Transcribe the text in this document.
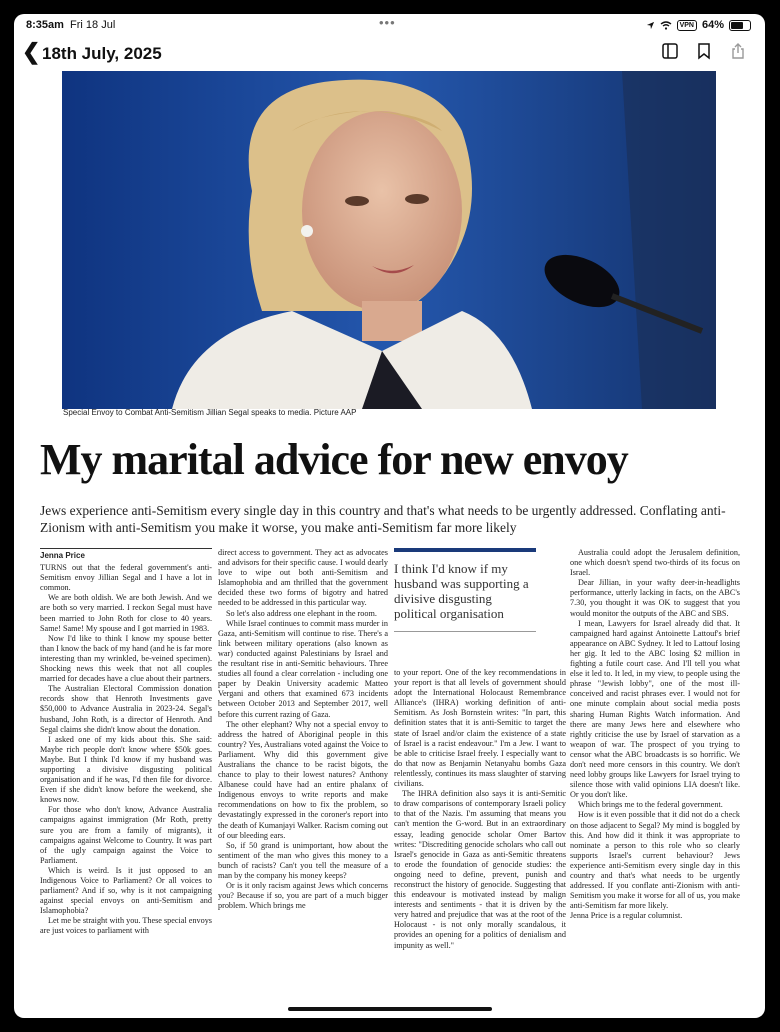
8:35am Fri 18 Jul	•••	VPN 64%
❮ 18th July, 2025
Special Envoy to Combat Anti-Semitism Jillian Segal speaks to media. Picture AAP
My marital advice for new envoy
Jews experience anti-Semitism every single day in this country and that's what needs to be urgently addressed. Conflating anti-Zionism with anti-Semitism you make it worse, you make anti-Semitism far more likely
Jenna Price

TURNS out that the federal government's anti-Semitism envoy Jillian Segal and I have a lot in common.

We are both oldish. We are both Jewish. And we are both so very married. I reckon Segal must have been married to John Roth for close to 40 years. Same! Same! My spouse and I got married in 1983.

Now I'd like to think I know my spouse better than I know the back of my hand (and he is far more interesting than my wrinkled, be-veined specimen). Shocking news this week that not all couples married for decades have a clue about their partners.

The Australian Electoral Commission donation records show that Henroth Investments gave $50,000 to Advance Australia in 2023-24. Segal's husband, John Roth, is a director of Henroth. And Segal claims she didn't know about the donation.

I asked one of my kids about this. She said: Maybe rich people don't know where $50k goes. Maybe. But I think I'd know if my husband was supporting a divisive disgusting political organisation and if he was, I'd then file for divorce. Even if she didn't know before the weekend, she knows now.

For those who don't know, Advance Australia campaigns against immigration (Mr Roth, pretty sure you are from a family of migrants), it campaigns against Welcome to Country. It was part of the ugly campaign against the Voice to Parliament.

Which is weird. Is it just opposed to an Indigenous Voice to Parliament? Or all voices to parliament? And if so, why is it not campaigning against special envoys on anti-Semitism and Islamophobia?

Let me be straight with you. These special envoys are just voices to parliament with

direct access to government. They act as advocates and advisors for their specific cause. I would dearly love to wipe out both anti-Semitism and Islamophobia and am thrilled that the government decided these two forms of bigotry and hatred needed to be addressed in this particular way.

So let's also address one elephant in the room.

While Israel continues to commit mass murder in Gaza, anti-Semitism will continue to rise. There's a link between military operations (also known as war) conducted against Palestinians by Israel and the resultant rise in anti-Semitic behaviours. Three studies all found a clear correlation - including one paper by Deakin University academic Matteo Vergani and others that examined 673 incidents between October 2013 and September 2017, well before this current razing of Gaza.

The other elephant? Why not a special envoy to address the hatred of Aboriginal people in this country? Yes, Australians voted against the Voice to Parliament. Why did this government give Australians the chance to be racist bigots, the chance to play to their lowest natures? Anthony Albanese could have had an entire phalanx of Indigenous envoys to write reports and make recommendations on how to fix the problem, so devastatingly expressed in the coroner's report into the death of Kumanjayi Walker. Racism coming out of our bleeding ears.

So, if 50 grand is unimportant, how about the sentiment of the man who gives this money to a bunch of racists? Can't you tell the measure of a man by the company his money keeps?

Or is it only racism against Jews which concerns you? Because if so, you are part of a much bigger problem. Which brings me

I think I'd know if my husband was supporting a divisive disgusting political organisation

to your report. One of the key recommendations in your report is that all levels of government should adopt the International Holocaust Remembrance Alliance's (IHRA) working definition of anti-Semitism. As Josh Bornstein writes: "In part, this definition states that it is anti-Semitic to target the state of Israel and/or claim the existence of a state of Israel is a racist endeavour." I'm a Jew. I want to be able to criticise Israel freely. I especially want to do that now as Benjamin Netanyahu bombs Gaza relentlessly, continues its mass slaughter of starving civilians.

The IHRA definition also says it is anti-Semitic to draw comparisons of contemporary Israeli policy to that of the Nazis. I'm assuming that means you can't mention the G-word. But in an extraordinary essay, leading genocide scholar Omer Bartov writes: "Discrediting genocide scholars who call out Israel's genocide in Gaza as anti-Semitic threatens to erode the foundation of genocide studies: the ongoing need to define, prevent, punish and reconstruct the history of genocide. Suggesting that this endeavour is motivated instead by malign interests and sentiments - that it is driven by the very hatred and prejudice that was at the root of the Holocaust - is not only morally scandalous, it provides an opening for a politics of denialism and impunity as well."

Australia could adopt the Jerusalem definition, one which doesn't spend two-thirds of its focus on Israel.

Dear Jillian, in your wafty deer-in-headlights performance, utterly lacking in facts, on the ABC's 7.30, you thought it was OK to suggest that you would monitor the outputs of the ABC and SBS.

I mean, Lawyers for Israel already did that. It campaigned hard against Antoinette Lattouf's brief appearance on ABC Sydney. It led to Lattouf losing her gig. It led to the ABC losing $2 million in fighting a futile court case. And I'll tell you what else it led to. It led, in my view, to people using the phrase "Jewish lobby", one of the most ill-conceived and racist phrases ever. I would not for one minute complain about social media posts sharing Human Rights Watch information. And there are many Jews here and elsewhere who rightly criticise the use by Israel of starvation as a weapon of war. The prospect of you trying to censor what the ABC broadcasts is so horrific. We don't need more censors in this country. We don't need lobby groups like Lawyers for Israel trying to silence those with valid opinions LIA doesn't like. Or you don't like.

Which brings me to the federal government.

How is it even possible that it did not do a check on those adjacent to Segal? My mind is boggled by this. And how did it think it was appropriate to nominate a person to this role who so clearly supports Israel's current behaviour? Jews experience anti-Semitism every single day in this country and that's what needs to be urgently addressed. If you conflate anti-Zionism with anti-Semitism you make it worse for all of us, you make anti-Semitism far more likely.

Jenna Price is a regular columnist.
